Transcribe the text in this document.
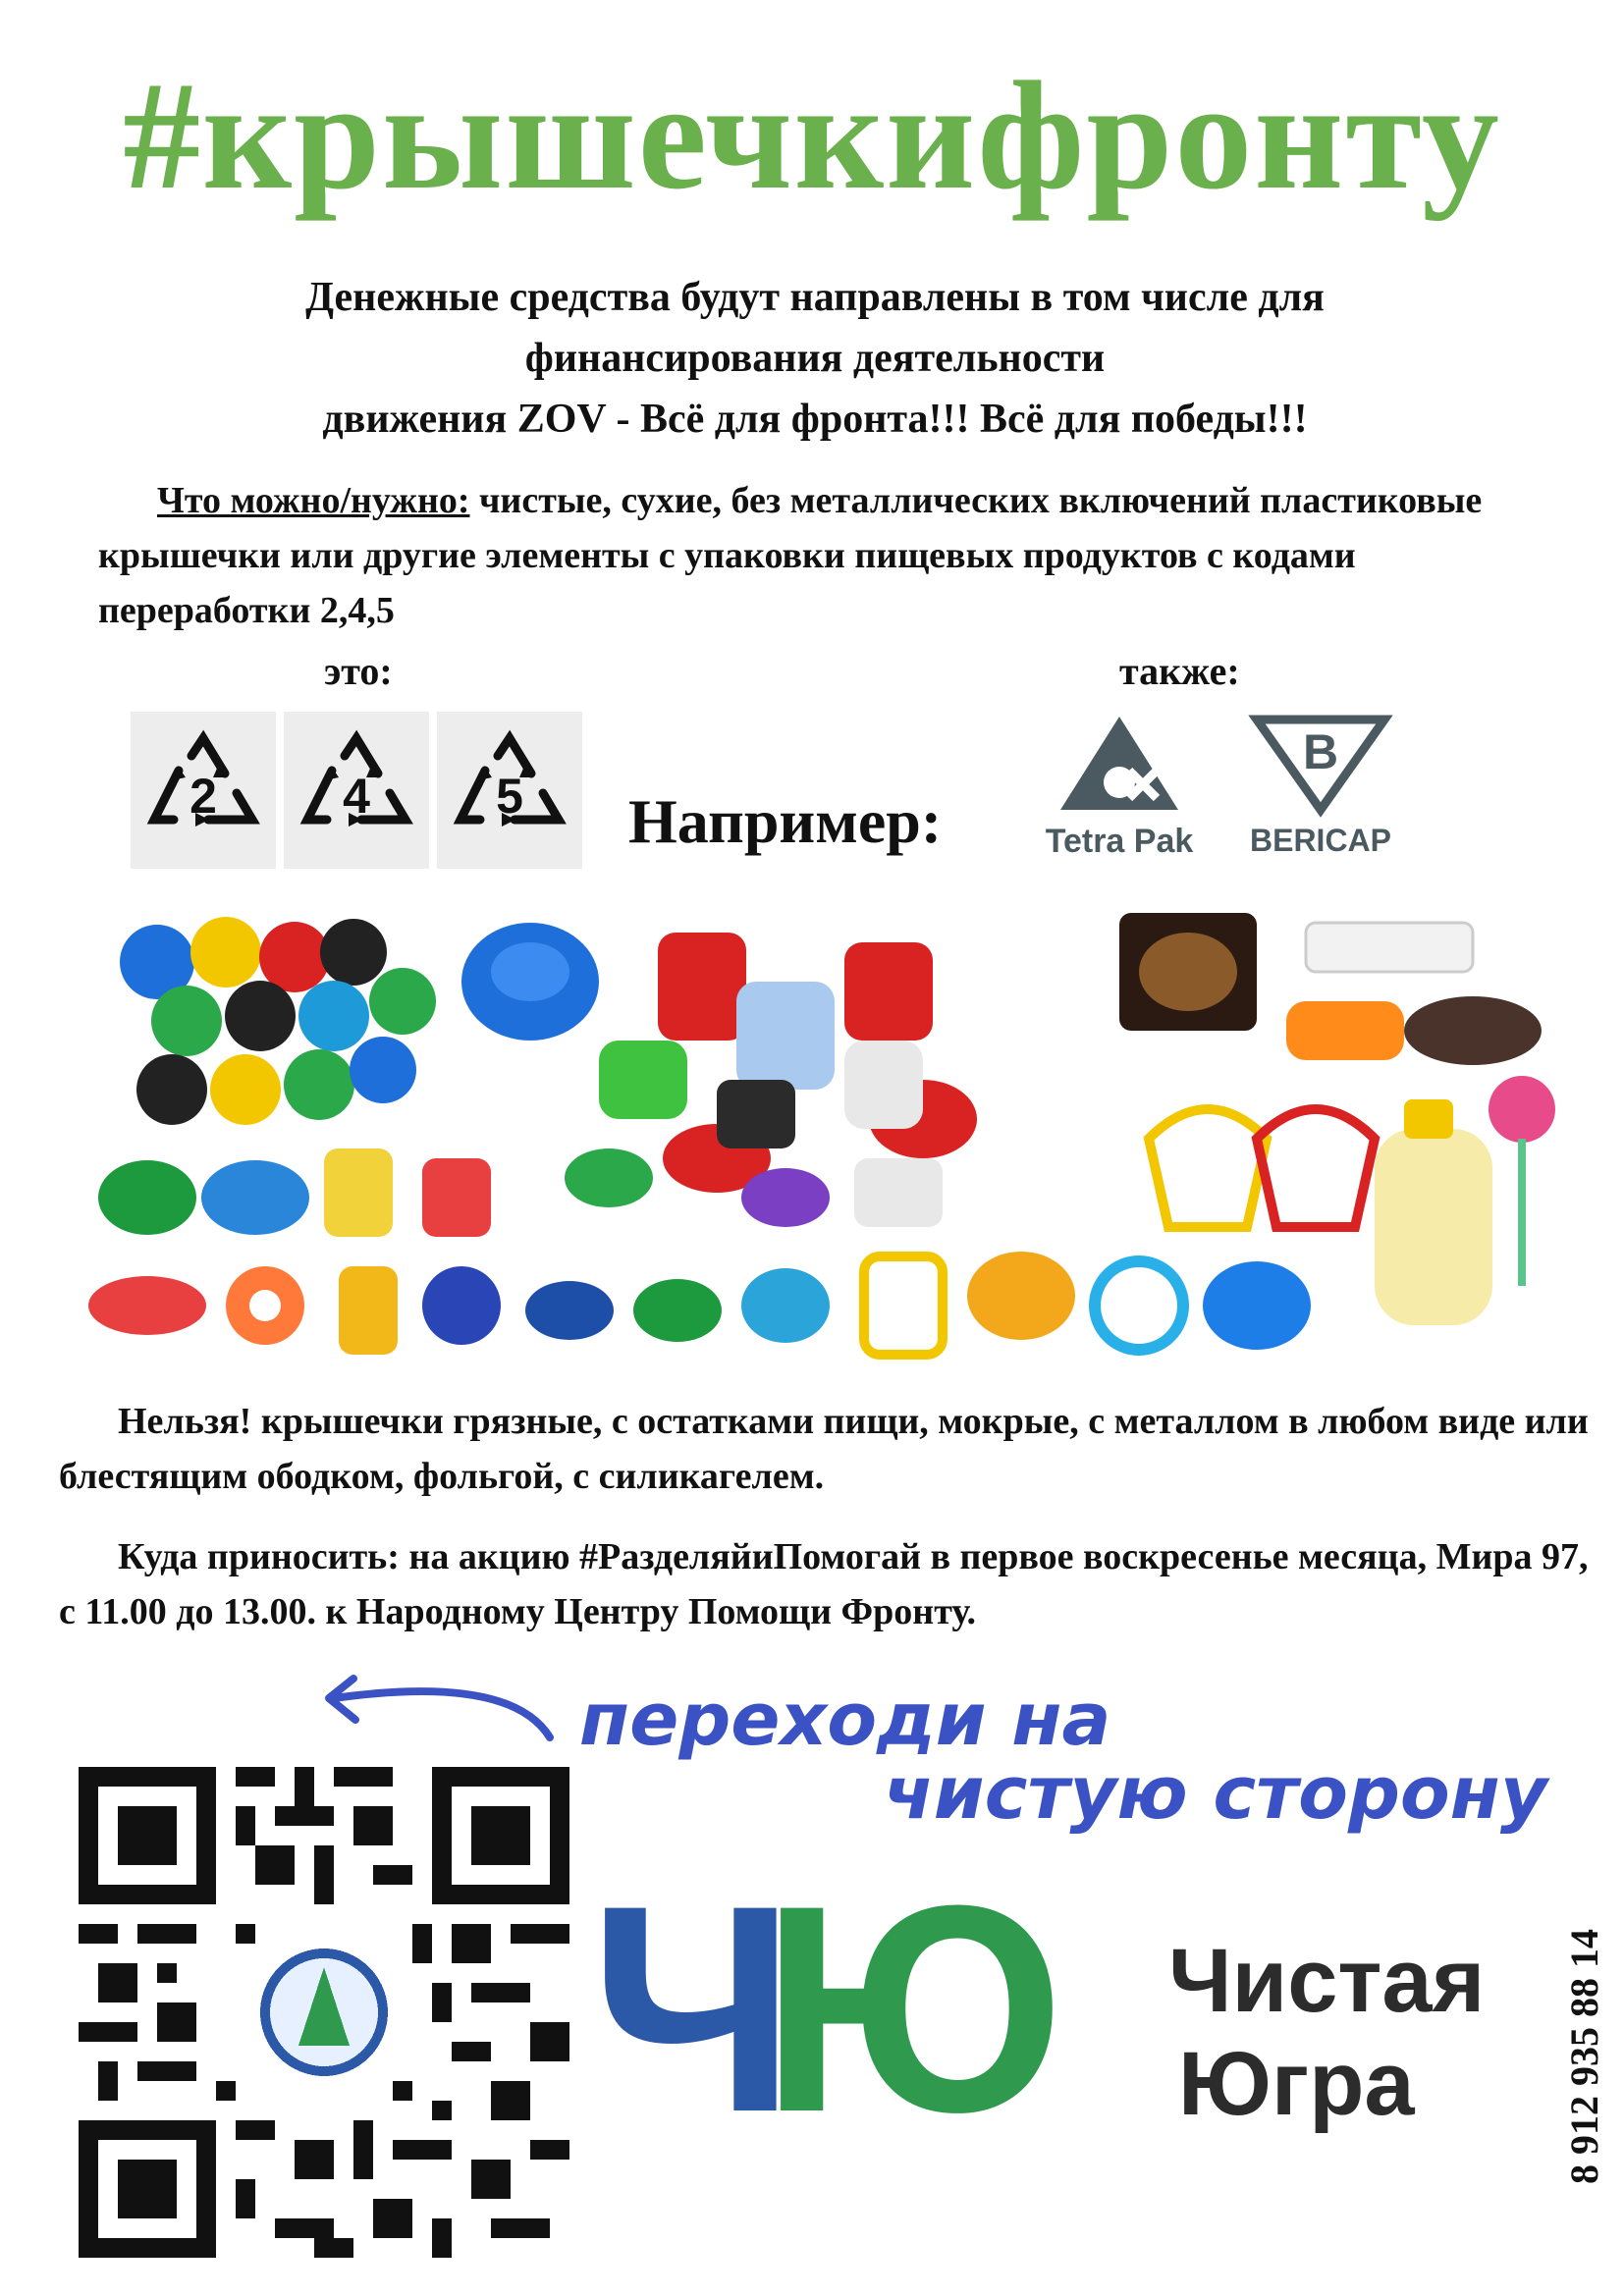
#крышечкифронту
Денежные средства будут направлены в том числе для
финансирования деятельности
движения ZOV - Всё для фронта!!! Всё для победы!!!
Что можно/нужно: чистые, сухие, без металлических включений пластиковые крышечки или другие элементы с упаковки пищевых продуктов с кодами переработки 2,4,5
это:	также:
2	4	5 Например:	Tetra Pak
B
BERICAP
Нельзя! крышечки грязные, с остатками пищи, мокрые, с металлом в любом виде или блестящим ободком, фольгой, с силикагелем.
Куда приносить: на акцию #РазделяйиПомогай в первое воскресенье месяца, Мира 97, с 11.00 до 13.00. к Народному Центру Помощи Фронту.
переходи на
чистую сторону
Ч
Ю Чистая
Югра	8 912 935 88 14
